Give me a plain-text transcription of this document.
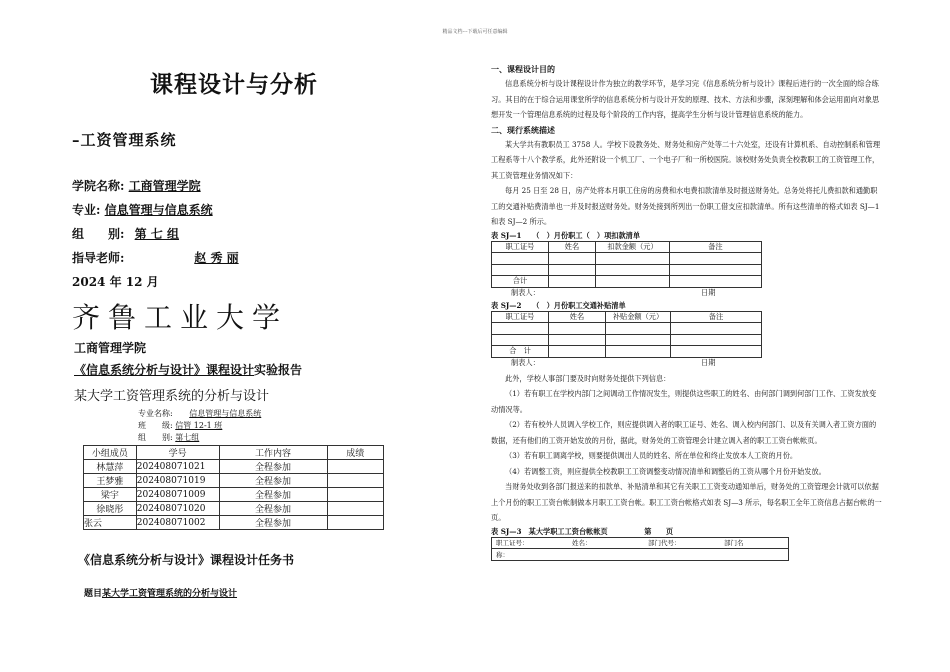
精品文档---下载后可任意编辑
课程设计与分析
–工资管理系统
学院名称: 工商管理学院
专业: 信息管理与信息系统
组　　别: 第 七 组
指导老师:	赵 秀 丽
2024 年 12 月
齐鲁工业大学
工商管理学院
《信息系统分析与设计》课程设计实验报告
某大学工资管理系统的分析与设计
专业名称: 信息管理与信息系统
班　　级: 信管 12-1 班
组　　别: 第七组
小组成员	学号	工作内容	成绩
林慧萍	202408071021	全程参加	
王梦雅	202408071019	全程参加	
梁宇	202408071009	全程参加	
徐晓彤	202408071020	全程参加	
张云	202408071002	全程参加	
《信息系统分析与设计》课程设计任务书
题目某大学工资管理系统的分析与设计
一、课程设计目的

信息系统分析与设计课程设计作为独立的教学环节，是学习完《信息系统分析与设计》课程后进行的一次全面的综合练习。其目的在于综合运用课堂所学的信息系统分析与设计开发的原理、技术、方法和步骤，深刻理解和体会运用面向对象思想开发一个管理信息系统的过程及每个阶段的工作内容，提高学生分析与设计管理信息系统的能力。

二、现行系统描述

某大学共有教职员工 3758 人。学校下设教务处、财务处和房产处等二十六处室，还设有计算机系、自动控制系和管理工程系等十八个教学系，此外还附设一个机工厂、一个电子厂和一所校医院。该校财务处负责全校教职工的工资管理工作，其工资管理业务情况如下：

每月 25 日至 28 日，房产处将本月职工住房的房费和水电费扣款清单及时报送财务处。总务处将托儿费扣款和通勤职工的交通补贴费清单也一并及时报送财务处。财务处接到所列出一份职工借支应扣款清单。所有这些清单的格式如表 SJ—1 和表 SJ—2 所示。

表 SJ—1　　（　）月份职工（　）项扣款清单
职工证号	姓名	扣款金额（元）	备注

合计			
制表人：	日期
表 SJ—2　　（　）月份职工交通补贴清单
职工证号	姓名	补贴金额（元）	备注

合　计			
制表人：	日期

此外，学校人事部门要及时向财务处提供下列信息：

（1）若有职工在学校内部门之间调动工作情况发生，则提供这些职工的姓名、由何部门调到何部门工作、工资发放变动情况等。

（2）若有校外人员调入学校工作，则应提供调入者的职工证号、姓名、调入校内何部门、以及有关调入者工资方面的数据，还有他们的工资开始发放的月份，据此，财务处的工资管理会计建立调入者的职工工资台帐帐页。

（3）若有职工调离学校，则要提供调出人员的姓名、所在单位和终止发放本人工资的月份。

（4）若调整工资，则应提供全校教职工工资调整变动情况清单和调整后的工资从哪个月份开始发放。

当财务处收到各部门报送来的扣款单、补贴清单和其它有关职工工资变动通知单后，财务处的工资管理会计就可以依据上个月份的职工工资台帐制做本月职工工资台帐。职工工资台帐格式如表 SJ—3 所示，每名职工全年工资信息占据台帐的一页。

表 SJ—3　某大学职工工资台帐帐页	第　　页
职工证号：	姓名：	部门代号：	部门名
称：
